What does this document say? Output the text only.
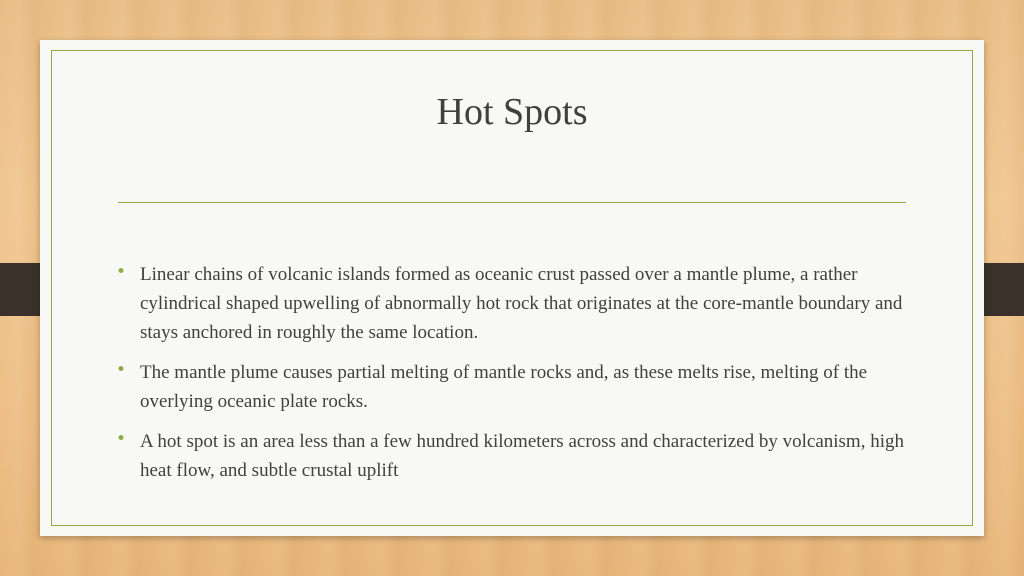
Hot Spots
• Linear chains of volcanic islands formed as oceanic crust passed over a mantle plume, a rather cylindrical shaped upwelling of abnormally hot rock that originates at the core-mantle boundary and stays anchored in roughly the same location.
• The mantle plume causes partial melting of mantle rocks and, as these melts rise, melting of the overlying oceanic plate rocks.
• A hot spot is an area less than a few hundred kilometers across and characterized by volcanism, high heat flow, and subtle crustal uplift
